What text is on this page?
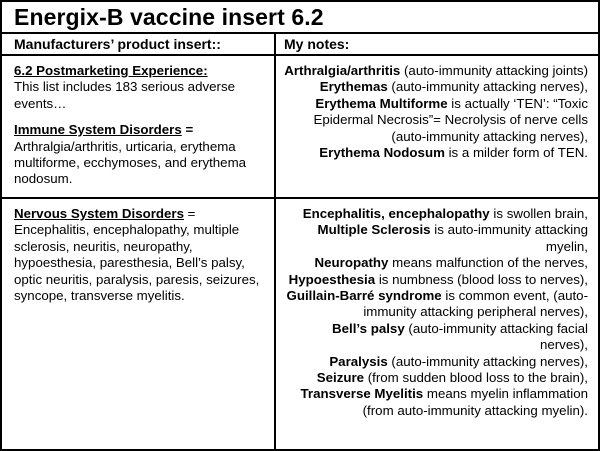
Energix-B vaccine insert 6.2
Manufacturers’ product insert::	My notes:

6.2 Postmarketing Experience:

This list includes 183 serious adverse events…

Immune System Disorders =

Arthralgia/arthritis, urticaria, erythema multiforme, ecchymoses, and erythema nodosum.

Nervous System Disorders =

Encephalitis, encephalopathy, multiple sclerosis, neuritis, neuropathy, hypoesthesia, paresthesia, Bell’s palsy, optic neuritis, paralysis, paresis, seizures, syncope, transverse myelitis.

Arthralgia/arthritis (auto-immunity attacking joints)

Erythemas (auto-immunity attacking nerves),

Erythema Multiforme is actually ‘TEN’: “Toxic Epidermal Necrosis”= Necrolysis of nerve cells (auto-immunity attacking nerves),

Erythema Nodosum is a milder form of TEN.

Encephalitis, encephalopathy is swollen brain,

Multiple Sclerosis is auto-immunity attacking myelin,

Neuropathy means malfunction of the nerves,

Hypoesthesia is numbness (blood loss to nerves),

Guillain-Barré syndrome is common event, (auto-immunity attacking peripheral nerves),

Bell’s palsy (auto-immunity attacking facial nerves),

Paralysis (auto-immunity attacking nerves),

Seizure (from sudden blood loss to the brain),

Transverse Myelitis means myelin inflammation (from auto-immunity attacking myelin).
